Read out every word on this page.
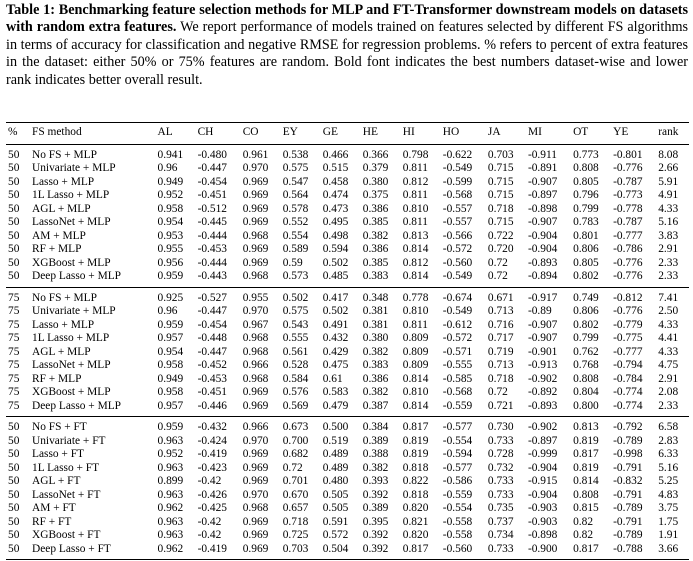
Table 1: Benchmarking feature selection methods for MLP and FT-Transformer downstream models on datasets with random extra features. We report performance of models trained on features selected by different FS algorithms in terms of accuracy for classification and negative RMSE for regression problems. % refers to percent of extra features in the dataset: either 50% or 75% features are random. Bold font indicates the best numbers dataset-wise and lower rank indicates better overall result.
%	FS method	AL	CH	CO	EY	GE	HE	HI	HO	JA	MI	OT	YE	rank
50	No FS + MLP	0.941	-0.480	0.961	0.538	0.466	0.366	0.798	-0.622	0.703	-0.911	0.773	-0.801	8.08
50	Univariate + MLP	0.96	-0.447	0.970	0.575	0.515	0.379	0.811	-0.549	0.715	-0.891	0.808	-0.776	2.66
50	Lasso + MLP	0.949	-0.454	0.969	0.547	0.458	0.380	0.812	-0.599	0.715	-0.907	0.805	-0.787	5.91
50	1L Lasso + MLP	0.952	-0.451	0.969	0.564	0.474	0.375	0.811	-0.568	0.715	-0.897	0.796	-0.773	4.91
50	AGL + MLP	0.958	-0.512	0.969	0.578	0.473	0.386	0.810	-0.557	0.718	-0.898	0.799	-0.778	4.33
50	LassoNet + MLP	0.954	-0.445	0.969	0.552	0.495	0.385	0.811	-0.557	0.715	-0.907	0.783	-0.787	5.16
50	AM + MLP	0.953	-0.444	0.968	0.554	0.498	0.382	0.813	-0.566	0.722	-0.904	0.801	-0.777	3.83
50	RF + MLP	0.955	-0.453	0.969	0.589	0.594	0.386	0.814	-0.572	0.720	-0.904	0.806	-0.786	2.91
50	XGBoost + MLP	0.956	-0.444	0.969	0.59	0.502	0.385	0.812	-0.560	0.72	-0.893	0.805	-0.776	2.33
50	Deep Lasso + MLP	0.959	-0.443	0.968	0.573	0.485	0.383	0.814	-0.549	0.72	-0.894	0.802	-0.776	2.33
75	No FS + MLP	0.925	-0.527	0.955	0.502	0.417	0.348	0.778	-0.674	0.671	-0.917	0.749	-0.812	7.41
75	Univariate + MLP	0.96	-0.447	0.970	0.575	0.502	0.381	0.810	-0.549	0.713	-0.89	0.806	-0.776	2.50
75	Lasso + MLP	0.959	-0.454	0.967	0.543	0.491	0.381	0.811	-0.612	0.716	-0.907	0.802	-0.779	4.33
75	1L Lasso + MLP	0.957	-0.448	0.968	0.555	0.432	0.380	0.809	-0.572	0.717	-0.907	0.799	-0.775	4.41
75	AGL + MLP	0.954	-0.447	0.968	0.561	0.429	0.382	0.809	-0.571	0.719	-0.901	0.762	-0.777	4.33
75	LassoNet + MLP	0.958	-0.452	0.966	0.528	0.475	0.383	0.809	-0.555	0.713	-0.913	0.768	-0.794	4.75
75	RF + MLP	0.949	-0.453	0.968	0.584	0.61	0.386	0.814	-0.585	0.718	-0.902	0.808	-0.784	2.91
75	XGBoost + MLP	0.958	-0.451	0.969	0.576	0.583	0.382	0.810	-0.568	0.72	-0.892	0.804	-0.774	2.08
75	Deep Lasso + MLP	0.957	-0.446	0.969	0.569	0.479	0.387	0.814	-0.559	0.721	-0.893	0.800	-0.774	2.33
50	No FS + FT	0.959	-0.432	0.966	0.673	0.500	0.384	0.817	-0.577	0.730	-0.902	0.813	-0.792	6.58
50	Univariate + FT	0.963	-0.424	0.970	0.700	0.519	0.389	0.819	-0.554	0.733	-0.897	0.819	-0.789	2.83
50	Lasso + FT	0.952	-0.419	0.969	0.682	0.489	0.388	0.819	-0.594	0.728	-0.999	0.817	-0.998	6.33
50	1L Lasso + FT	0.963	-0.423	0.969	0.72	0.489	0.382	0.818	-0.577	0.732	-0.904	0.819	-0.791	5.16
50	AGL + FT	0.899	-0.42	0.969	0.701	0.480	0.393	0.822	-0.586	0.733	-0.915	0.814	-0.832	5.25
50	LassoNet + FT	0.963	-0.426	0.970	0.670	0.505	0.392	0.818	-0.559	0.733	-0.904	0.808	-0.791	4.83
50	AM + FT	0.962	-0.425	0.968	0.657	0.505	0.389	0.820	-0.554	0.735	-0.903	0.815	-0.789	3.75
50	RF + FT	0.963	-0.42	0.969	0.718	0.591	0.395	0.821	-0.558	0.737	-0.903	0.82	-0.791	1.75
50	XGBoost + FT	0.963	-0.42	0.969	0.725	0.572	0.392	0.820	-0.558	0.734	-0.898	0.82	-0.789	1.91
50	Deep Lasso + FT	0.962	-0.419	0.969	0.703	0.504	0.392	0.817	-0.560	0.733	-0.900	0.817	-0.788	3.66
